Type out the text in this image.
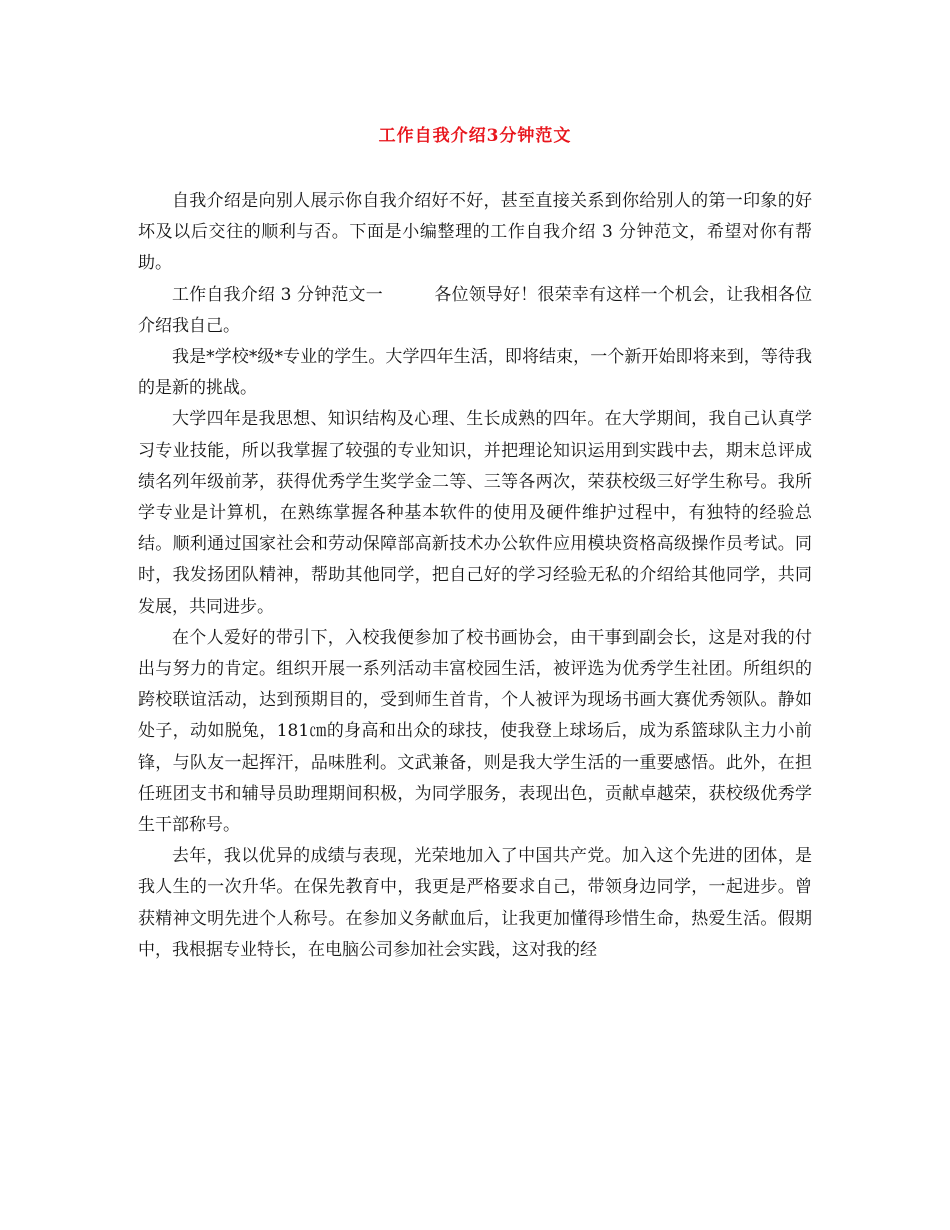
工作自我介绍3分钟范文

自我介绍是向别人展示你自我介绍好不好，甚至直接关系到你给别人的第一印象的好坏及以后交往的顺利与否。下面是小编整理的工作自我介绍 3 分钟范文，希望对你有帮助。

工作自我介绍 3 分钟范文一　　　各位领导好！很荣幸有这样一个机会，让我相各位介绍我自己。

我是*学校*级*专业的学生。大学四年生活，即将结束，一个新开始即将来到，等待我的是新的挑战。

大学四年是我思想、知识结构及心理、生长成熟的四年。在大学期间，我自己认真学习专业技能，所以我掌握了较强的专业知识，并把理论知识运用到实践中去，期末总评成绩名列年级前茅，获得优秀学生奖学金二等、三等各两次，荣获校级三好学生称号。我所学专业是计算机，在熟练掌握各种基本软件的使用及硬件维护过程中，有独特的经验总结。顺利通过国家社会和劳动保障部高新技术办公软件应用模块资格高级操作员考试。同时，我发扬团队精神，帮助其他同学，把自己好的学习经验无私的介绍给其他同学，共同发展，共同进步。

在个人爱好的带引下，入校我便参加了校书画协会，由干事到副会长，这是对我的付出与努力的肯定。组织开展一系列活动丰富校园生活，被评选为优秀学生社团。所组织的跨校联谊活动，达到预期目的，受到师生首肯，个人被评为现场书画大赛优秀领队。静如处子，动如脱兔，181㎝的身高和出众的球技，使我登上球场后，成为系篮球队主力小前锋，与队友一起挥汗，品味胜利。文武兼备，则是我大学生活的一重要感悟。此外，在担任班团支书和辅导员助理期间积极，为同学服务，表现出色，贡献卓越荣，获校级优秀学生干部称号。

去年，我以优异的成绩与表现，光荣地加入了中国共产党。加入这个先进的团体，是我人生的一次升华。在保先教育中，我更是严格要求自己，带领身边同学，一起进步。曾获精神文明先进个人称号。在参加义务献血后，让我更加懂得珍惜生命，热爱生活。假期中，我根据专业特长，在电脑公司参加社会实践，这对我的经
